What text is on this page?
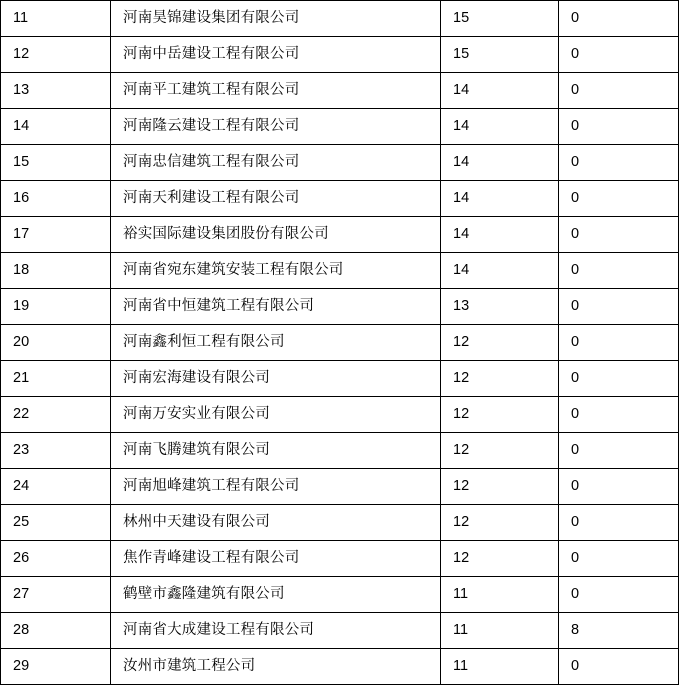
11	河南昊锦建设集团有限公司	15	0
12	河南中岳建设工程有限公司	15	0
13	河南平工建筑工程有限公司	14	0
14	河南隆云建设工程有限公司	14	0
15	河南忠信建筑工程有限公司	14	0
16	河南天利建设工程有限公司	14	0
17	裕实国际建设集团股份有限公司	14	0
18	河南省宛东建筑安装工程有限公司	14	0
19	河南省中恒建筑工程有限公司	13	0
20	河南鑫利恒工程有限公司	12	0
21	河南宏海建设有限公司	12	0
22	河南万安实业有限公司	12	0
23	河南飞腾建筑有限公司	12	0
24	河南旭峰建筑工程有限公司	12	0
25	林州中天建设有限公司	12	0
26	焦作青峰建设工程有限公司	12	0
27	鹤壁市鑫隆建筑有限公司	11	0
28	河南省大成建设工程有限公司	11	8
29	汝州市建筑工程公司	11	0
